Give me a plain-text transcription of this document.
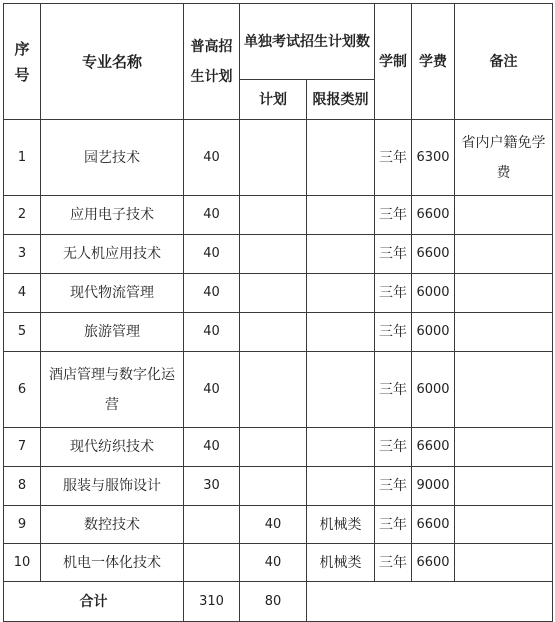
序号	专业名称	普高招生计划	单独考试招生计划数		学制	学费	备注
			计划	限报类别			
1	园艺技术	40			三年	6300	省内户籍免学费
2	应用电子技术	40			三年	6600	
3	无人机应用技术	40			三年	6600	
4	现代物流管理	40			三年	6000	
5	旅游管理	40			三年	6000	
6	酒店管理与数字化运营	40			三年	6000	
7	现代纺织技术	40			三年	6600	
8	服装与服饰设计	30			三年	9000	
9	数控技术		40	机械类	三年	6600	
10	机电一体化技术		40	机械类	三年	6600	
合计		310	80				
